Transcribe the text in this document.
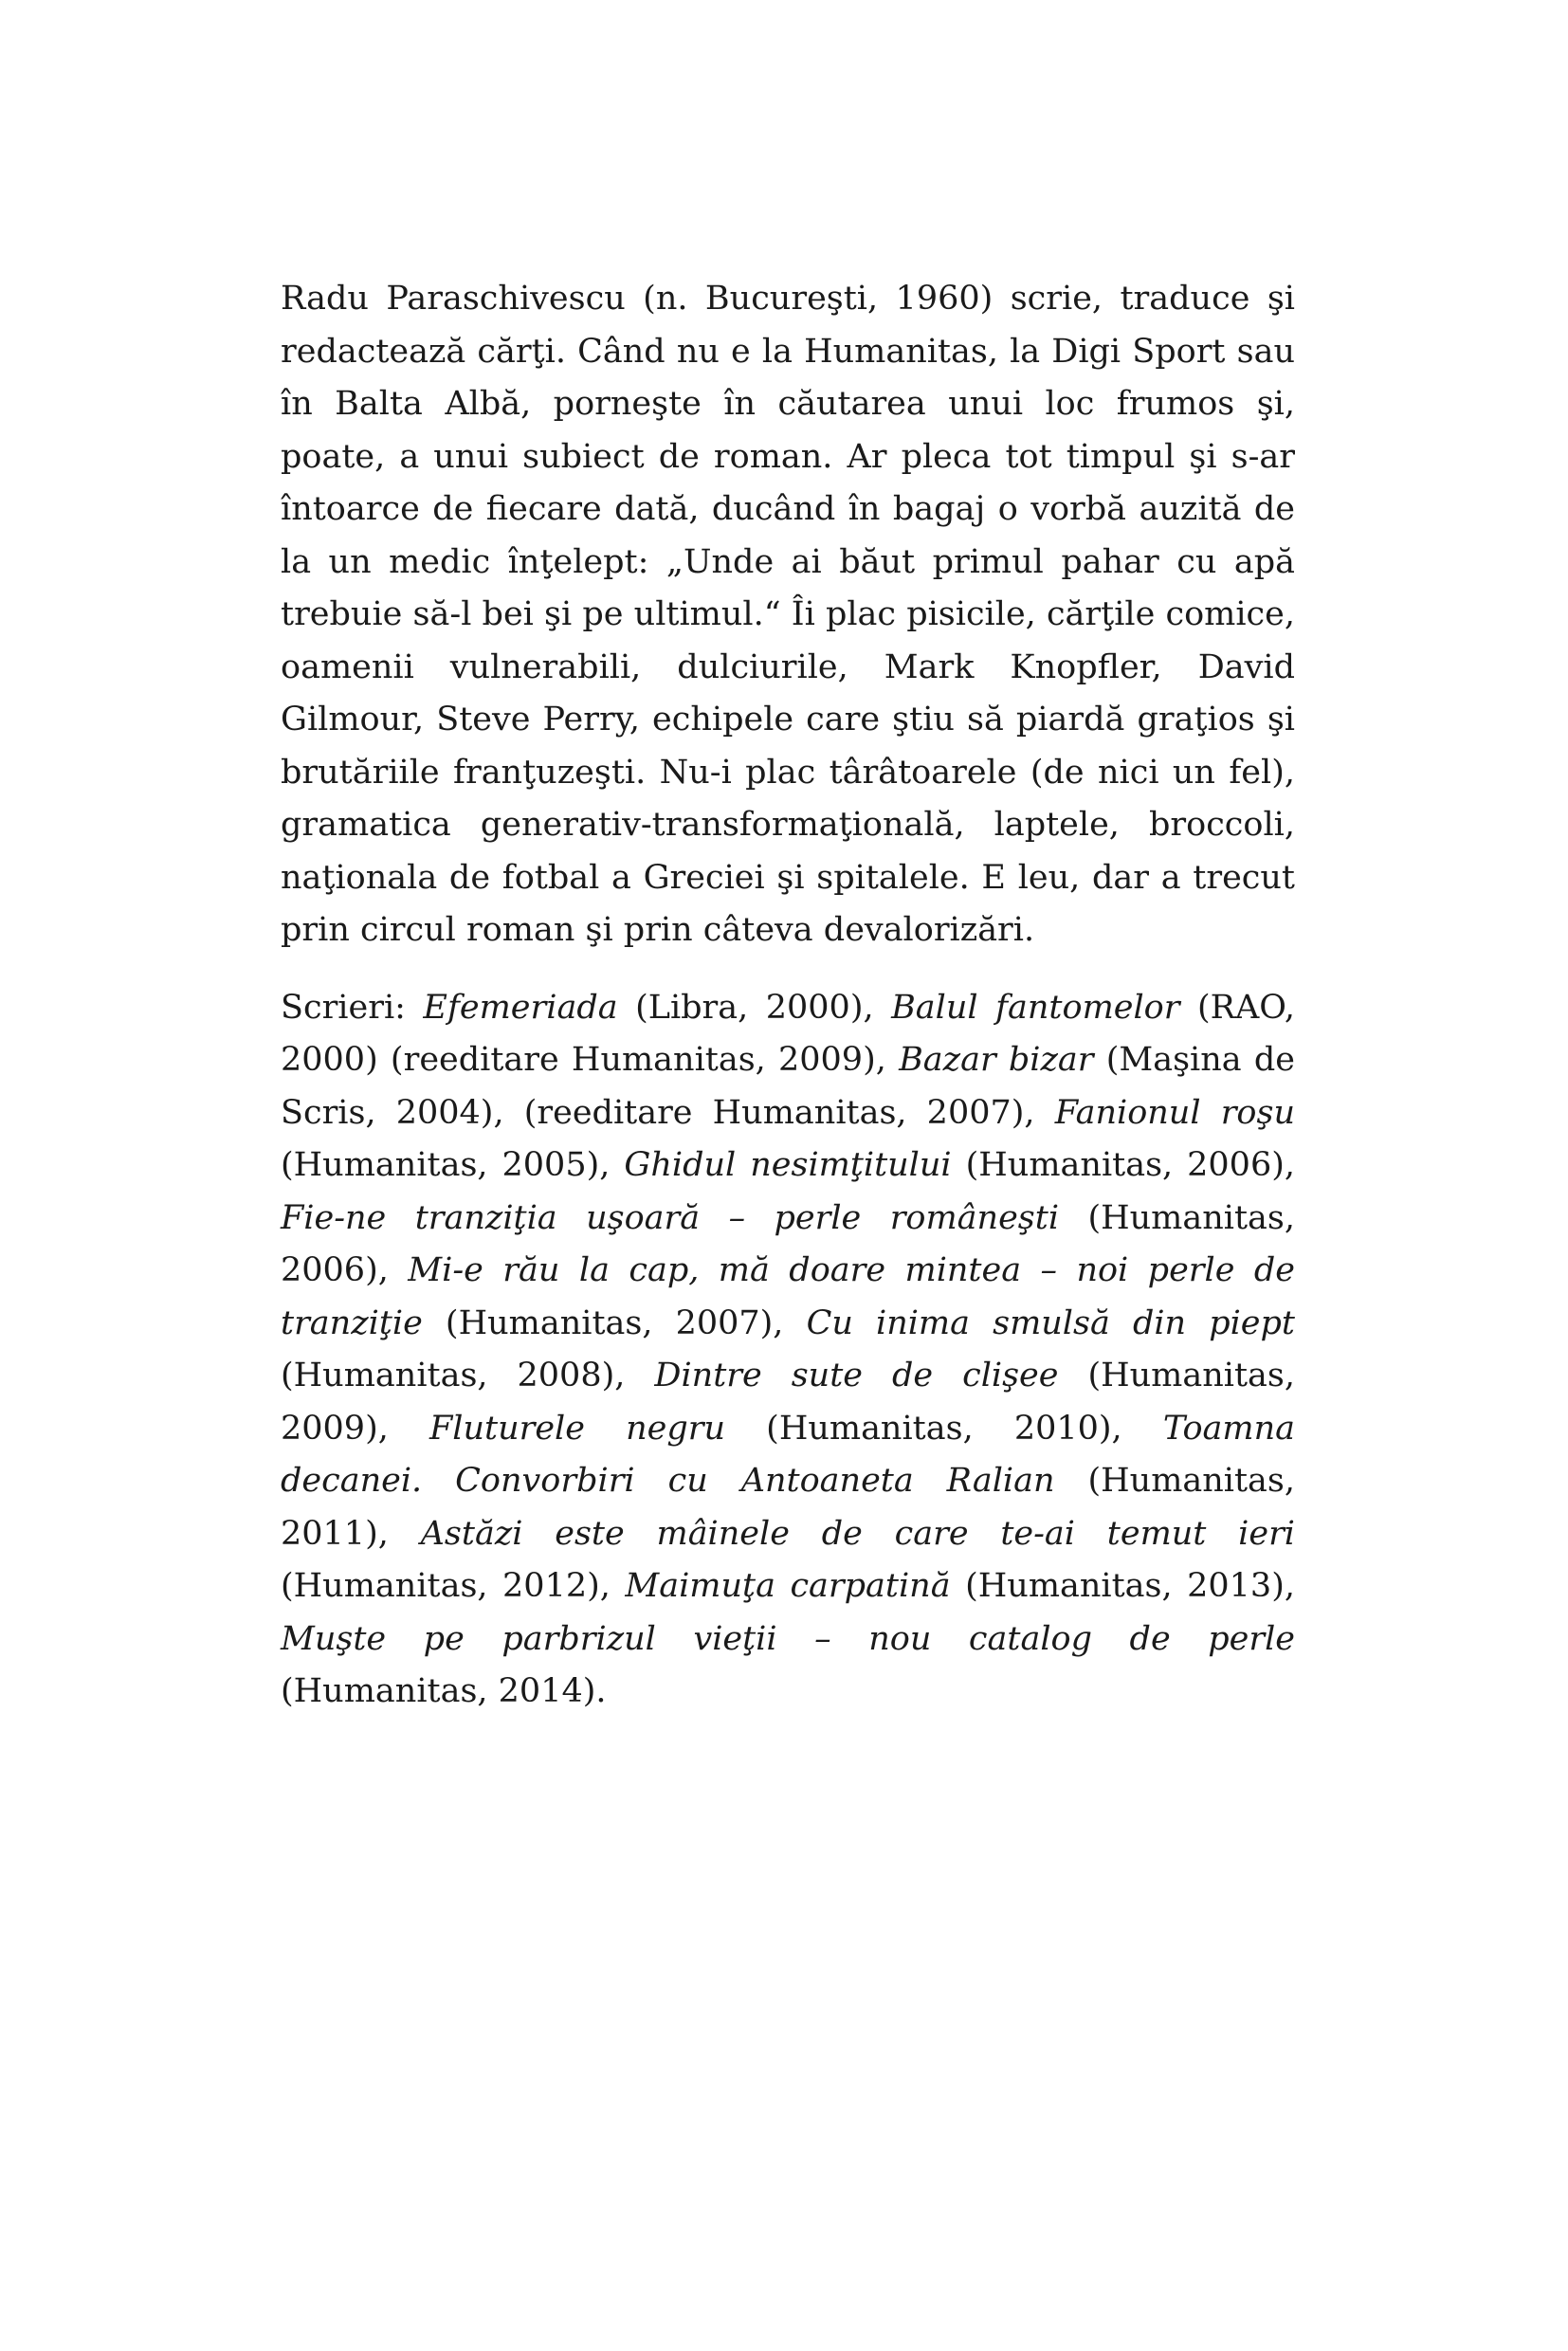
Radu Paraschivescu (n. Bucureşti, 1960) scrie, traduce şi redactează cărţi. Când nu e la Humanitas, la Digi Sport sau în Balta Albă, porneşte în căutarea unui loc frumos şi, poate, a unui subiect de roman. Ar pleca tot timpul şi s-ar întoarce de fiecare dată, ducând în bagaj o vorbă auzită de la un medic înţelept: „Unde ai băut primul pahar cu apă trebuie să-l bei şi pe ultimul.“ Îi plac pisicile, cărţile comice, oamenii vulnerabili, dulciurile, Mark Knopfler, David Gilmour, Steve Perry, echipele care ştiu să piardă graţios şi brutăriile franţuzeşti. Nu-i plac târâtoarele (de nici un fel), gramatica generativ-transformaţională, laptele, broccoli, naţionala de fotbal a Greciei şi spitalele. E leu, dar a trecut prin circul roman şi prin câteva devalorizări.

Scrieri: Efemeriada (Libra, 2000), Balul fantomelor (RAO, 2000) (reeditare Humanitas, 2009), Bazar bizar (Maşina de Scris, 2004), (reeditare Humanitas, 2007), Fanionul roşu (Humanitas, 2005), Ghidul nesimţitului (Humanitas, 2006), Fie-ne tranziţia uşoară – perle româneşti (Humanitas, 2006), Mi-e rău la cap, mă doare mintea – noi perle de tranziţie (Humanitas, 2007), Cu inima smulsă din piept (Humanitas, 2008), Dintre sute de clişee (Humanitas, 2009), Fluturele negru (Humanitas, 2010), Toamna decanei. Convorbiri cu Antoaneta Ralian (Humanitas, 2011), Astăzi este mâinele de care te-ai temut ieri (Humanitas, 2012), Maimuţa carpatină (Humanitas, 2013), Muşte pe parbrizul vieţii – nou catalog de perle (Humanitas, 2014).
